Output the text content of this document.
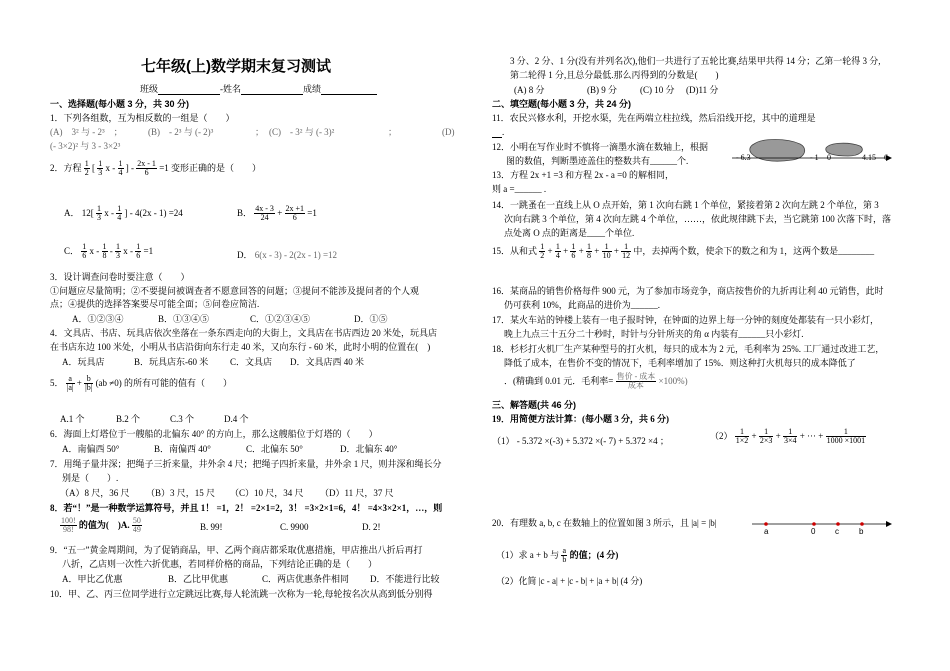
七年级(上)数学期末复习测试
班级	-姓名	成绩
一、选择题(每小题 3 分，共 30 分)
1．下列各组数，互为相反数的一组是（　　）
(A)　3² 与 - 2³　；	(B)　- 2³ 与 (- 2)³	； (C)　- 3² 与 (- 3)²	；	(D)
(- 3×2)² 与 3 - 3×2³
2．方程 $\frac{1}{2}$ [ $\frac{1}{3}$ x - $\frac{1}{4}$ ] - $\frac{2x - 1}{6} =1$ 变形正确的是（　　）
A． $12[ \frac{1}{3}$ x - $\frac{1}{4}$ ] - 4(2x - 1) =24	B． $\frac{4x - 3}{24} + \frac{2x +1}{6} =1$
C． $\frac{1}{6}$ x - $\frac{1}{8} - \frac{1}{3}$ $x - \frac{1}{6} =1$	D． 6(x - 3) - 2(2x - 1) =12
3．设计调查问卷时要注意（　　）
①问题应尽量简明；②不要提问被调查者不愿意回答的问题；③提问不能涉及提问者的个人观
点；④提供的选择答案要尽可能全面；⑤问卷应简洁.
A．①②③④	B．①③④⑤	C．①②③④⑤	D．①⑤
4．文具店、书店、玩具店依次坐落在一条东西走向的大街上，文具店在书店西边 20 米处，玩具店
在书店东边 100 米处，小明从书店沿街向东行走 40 米，又向东行 - 60 米，此时小明的位置在(　)
A．玩具店	B．玩具店东-60 米 C．文具店 D．文具店西 40 米
5． $\frac{a}{|a|} + \frac{b}{|b|} (ab \ne 0)$ 的所有可能的值有（　　）
A.1 个	B.2 个	C.3 个	D.4 个
6．海面上灯塔位于一艘船的北偏东 40° 的方向上，那么这艘船位于灯塔的（　　）
A．南偏西 50°	B．南偏西 40°	C．北偏东 50°	D．北偏东 40°
7．用绳子量井深；把绳子三折来量，井外余 4 尺；把绳子四折来量，井外余 1 尺，则井深和绳长分
别是（　　）.
（A）8 尺，36 尺 （B）3 尺，15 尺 （C）10 尺，34 尺 （D）11 尺，37 尺
8．若“！”是一种数学运算符号，并且 1！ =1，2！ =2×1=2，3！ =3×2×1=6，4！ =4×3×2×1，…，则
$\frac{100!}{98!}$ 的值为(　)A. $\frac{50}{49}$	B. 99!	C. 9900	D. 2!
9．“五一”黄金周期间，为了促销商品，甲、乙两个商店都采取优惠措施，甲店推出八折后再打
八折，乙店则一次性六折优惠，若同样价格的商品，下列结论正确的是（　　）
A．甲比乙优惠	B．乙比甲优惠	C．两店优惠条件相同 D．不能进行比较
10．甲、乙、丙三位同学进行立定跳远比赛,每人轮流跳一次称为一轮,每轮按名次从高到低分别得
3 分、2 分、1 分(没有并列名次),他们一共进行了五轮比赛,结果甲共得 14 分；乙第一轮得 3 分,
第二轮得 1 分,且总分最低.那么丙得到的分数是(　　)
(A) 8 分	(B) 9 分	(C) 10 分 (D)11 分
二、填空题(每小题 3 分，共 24 分)
11．农民兴修水利，开挖水渠，先在两端立柱拉线，然后沿线开挖，其中的道理是
.
12．小明在写作业时不慎将一滴墨水滴在数轴上，根据
图的数值，判断墨迹盖住的整数共有______个.	- 6.3	- 1 0	4.15 6
13．方程 2x +1 =3 和方程 2x - a =0 的解相同，
则 a =______ .
14．一跳蚤在一直线上从 O 点开始，第 1 次向右跳 1 个单位，紧接着第 2 次向左跳 2 个单位，第 3
次向右跳 3 个单位，第 4 次向左跳 4 个单位，……，依此规律跳下去，当它跳第 100 次落下时，落
点处离 O 点的距离是____个单位.
15．从和式 $\frac{1}{2} + \frac{1}{4} + \frac{1}{6} + \frac{1}{8} + \frac{1}{10} + \frac{1}{12}$ 中，去掉两个数，使余下的数之和为 1，这两个数是________
16．某商品的销售价格每件 900 元，为了参加市场竞争，商店按售价的九折再让利 40 元销售，此时
仍可获利 10%，此商品的进价为______.
17．某火车站的钟楼上装有一电子报时钟，在钟面的边界上每一分钟的刻度处都装有一只小彩灯，
晚上九点三十五分二十秒时，时针与分针所夹的角 α 内装有______只小彩灯.
18．杉杉打火机厂生产某种型号的打火机，每只的成本为 2 元，毛利率为 25%. 工厂通过改进工艺，
降低了成本，在售价不变的情况下，毛利率增加了 15%．则这种打火机每只的成本降低了
．(精确到 0.01 元．毛利率= $\frac{\text{售价 - 成本}}{\text{成本}} \times 100\%$)
三、解答题(共 46 分)
19．用简便方法计算：(每小题 3 分，共 6 分)
（1） - 5.372 ×(-3) + 5.372 ×(- 7) + 5.372 ×4 ；
$(2) \frac{1}{1\times 2} + \frac{1}{2\times 3} + \frac{1}{3\times 4}$ + ··· + $\frac{1}{1000 \times 1001}$
20．有理数 a, b, c 在数轴上的位置如图 3 所示，且 |a| = |b|
a	0 c	b
（1）求 a + b 与 $\frac{a}{b}$ 的值；(4 分)
（2）化简 |c - a| + |c - b| + |a + b| (4 分)
